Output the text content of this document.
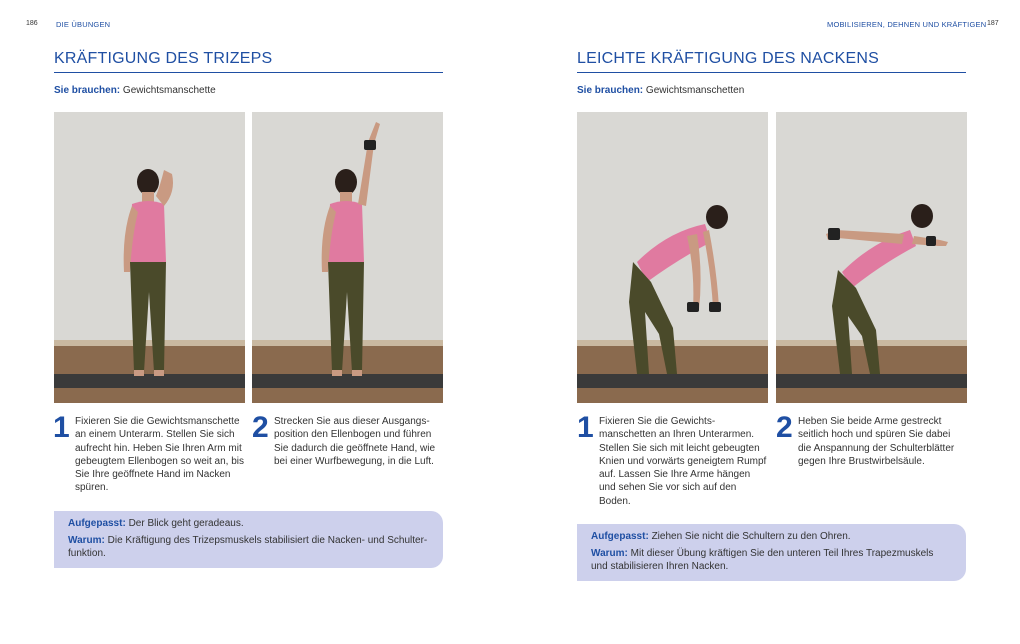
186 DIE ÜBUNGEN	MOBILISIEREN, DEHNEN UND KRÄFTIGEN 187
KRÄFTIGUNG DES TRIZEPS
Sie brauchen: Gewichtsmanschette
1 Fixieren Sie die Gewichtsmanschette an einem Unterarm. Stellen Sie sich aufrecht hin. Heben Sie Ihren Arm mit gebeugtem Ellenbogen so weit an, bis Sie Ihre geöffnete Hand im Nacken spüren.
2 Strecken Sie aus dieser Ausgangsposition den Ellenbogen und führen Sie dadurch die geöffnete Hand, wie bei einer Wurfbewegung, in die Luft.
Aufgepasst: Der Blick geht geradeaus.
Warum: Die Kräftigung des Trizepsmuskels stabilisiert die Nacken- und Schulterfunktion.
LEICHTE KRÄFTIGUNG DES NACKENS
Sie brauchen: Gewichtsmanschetten
1 Fixieren Sie die Gewichtsmanschetten an Ihren Unterarmen. Stellen Sie sich mit leicht gebeugten Knien und vorwärts geneigtem Rumpf auf. Lassen Sie Ihre Arme hängen und sehen Sie vor sich auf den Boden.
2 Heben Sie beide Arme gestreckt seitlich hoch und spüren Sie dabei die Anspannung der Schulterblätter gegen Ihre Brustwirbelsäule.
Aufgepasst: Ziehen Sie nicht die Schultern zu den Ohren.
Warum: Mit dieser Übung kräftigen Sie den unteren Teil Ihres Trapezmuskels und stabilisieren Ihren Nacken.
